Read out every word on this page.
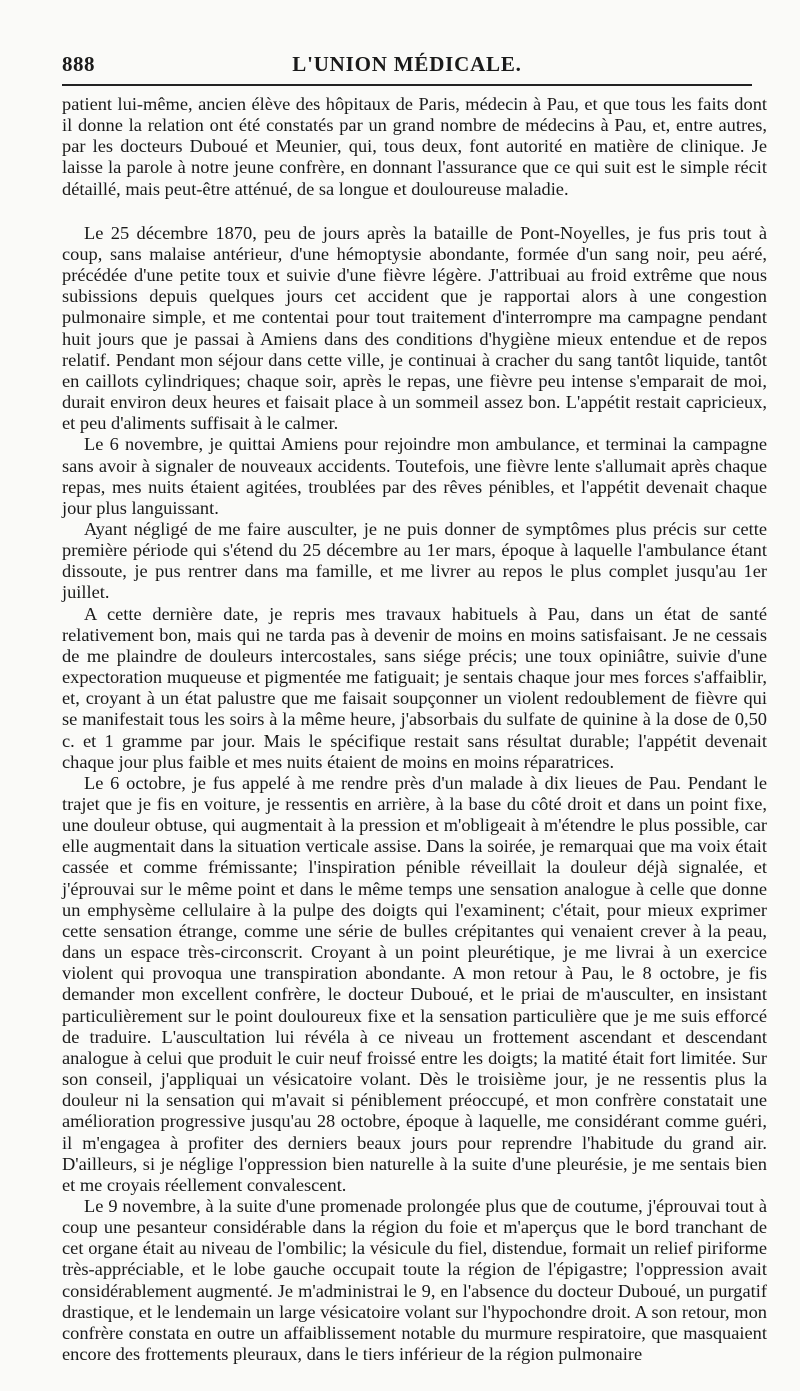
888	L'UNION MÉDICALE.

patient lui-même, ancien élève des hôpitaux de Paris, médecin à Pau, et que tous les faits dont il donne la relation ont été constatés par un grand nombre de médecins à Pau, et, entre autres, par les docteurs Duboué et Meunier, qui, tous deux, font autorité en matière de clinique. Je laisse la parole à notre jeune confrère, en donnant l'assurance que ce qui suit est le simple récit détaillé, mais peut-être atténué, de sa longue et douloureuse maladie.

Le 25 décembre 1870, peu de jours après la bataille de Pont-Noyelles, je fus pris tout à coup, sans malaise antérieur, d'une hémoptysie abondante, formée d'un sang noir, peu aéré, précédée d'une petite toux et suivie d'une fièvre légère. J'attribuai au froid extrême que nous subissions depuis quelques jours cet accident que je rapportai alors à une congestion pulmonaire simple, et me contentai pour tout traitement d'interrompre ma campagne pendant huit jours que je passai à Amiens dans des conditions d'hygiène mieux entendue et de repos relatif. Pendant mon séjour dans cette ville, je continuai à cracher du sang tantôt liquide, tantôt en caillots cylindriques; chaque soir, après le repas, une fièvre peu intense s'emparait de moi, durait environ deux heures et faisait place à un sommeil assez bon. L'appétit restait capricieux, et peu d'aliments suffisait à le calmer.

Le 6 novembre, je quittai Amiens pour rejoindre mon ambulance, et terminai la campagne sans avoir à signaler de nouveaux accidents. Toutefois, une fièvre lente s'allumait après chaque repas, mes nuits étaient agitées, troublées par des rêves pénibles, et l'appétit devenait chaque jour plus languissant.

Ayant négligé de me faire ausculter, je ne puis donner de symptômes plus précis sur cette première période qui s'étend du 25 décembre au 1er mars, époque à laquelle l'ambulance étant dissoute, je pus rentrer dans ma famille, et me livrer au repos le plus complet jusqu'au 1er juillet.

A cette dernière date, je repris mes travaux habituels à Pau, dans un état de santé relativement bon, mais qui ne tarda pas à devenir de moins en moins satisfaisant. Je ne cessais de me plaindre de douleurs intercostales, sans siége précis; une toux opiniâtre, suivie d'une expectoration muqueuse et pigmentée me fatiguait; je sentais chaque jour mes forces s'affaiblir, et, croyant à un état palustre que me faisait soupçonner un violent redoublement de fièvre qui se manifestait tous les soirs à la même heure, j'absorbais du sulfate de quinine à la dose de 0,50 c. et 1 gramme par jour. Mais le spécifique restait sans résultat durable; l'appétit devenait chaque jour plus faible et mes nuits étaient de moins en moins réparatrices.

Le 6 octobre, je fus appelé à me rendre près d'un malade à dix lieues de Pau. Pendant le trajet que je fis en voiture, je ressentis en arrière, à la base du côté droit et dans un point fixe, une douleur obtuse, qui augmentait à la pression et m'obligeait à m'étendre le plus possible, car elle augmentait dans la situation verticale assise. Dans la soirée, je remarquai que ma voix était cassée et comme frémissante; l'inspiration pénible réveillait la douleur déjà signalée, et j'éprouvai sur le même point et dans le même temps une sensation analogue à celle que donne un emphysème cellulaire à la pulpe des doigts qui l'examinent; c'était, pour mieux exprimer cette sensation étrange, comme une série de bulles crépitantes qui venaient crever à la peau, dans un espace très-circonscrit. Croyant à un point pleurétique, je me livrai à un exercice violent qui provoqua une transpiration abondante. A mon retour à Pau, le 8 octobre, je fis demander mon excellent confrère, le docteur Duboué, et le priai de m'ausculter, en insistant particulièrement sur le point douloureux fixe et la sensation particulière que je me suis efforcé de traduire. L'auscultation lui révéla à ce niveau un frottement ascendant et descendant analogue à celui que produit le cuir neuf froissé entre les doigts; la matité était fort limitée. Sur son conseil, j'appliquai un vésicatoire volant. Dès le troisième jour, je ne ressentis plus la douleur ni la sensation qui m'avait si péniblement préoccupé, et mon confrère constatait une amélioration progressive jusqu'au 28 octobre, époque à laquelle, me considérant comme guéri, il m'engagea à profiter des derniers beaux jours pour reprendre l'habitude du grand air. D'ailleurs, si je néglige l'oppression bien naturelle à la suite d'une pleurésie, je me sentais bien et me croyais réellement convalescent.

Le 9 novembre, à la suite d'une promenade prolongée plus que de coutume, j'éprouvai tout à coup une pesanteur considérable dans la région du foie et m'aperçus que le bord tranchant de cet organe était au niveau de l'ombilic; la vésicule du fiel, distendue, formait un relief piriforme très-appréciable, et le lobe gauche occupait toute la région de l'épigastre; l'oppression avait considérablement augmenté. Je m'administrai le 9, en l'absence du docteur Duboué, un purgatif drastique, et le lendemain un large vésicatoire volant sur l'hypochondre droit. A son retour, mon confrère constata en outre un affaiblissement notable du murmure respiratoire, que masquaient encore des frottements pleuraux, dans le tiers inférieur de la région pulmonaire
